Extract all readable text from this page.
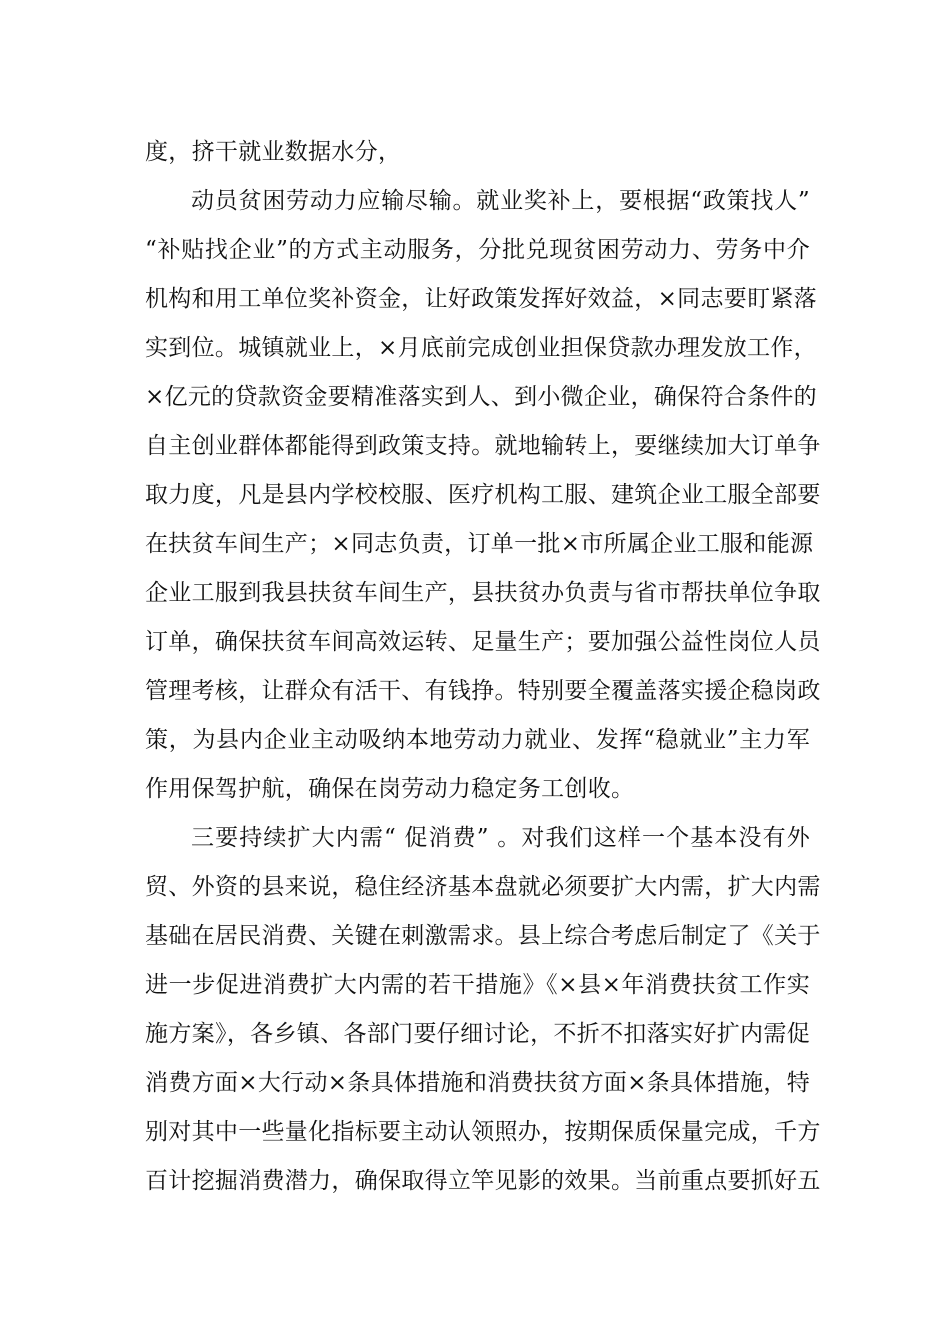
度，挤干就业数据水分，
动员贫困劳动力应输尽输。就业奖补上，要根据“政策找人”
“补贴找企业”的方式主动服务，分批兑现贫困劳动力、劳务中介
机构和用工单位奖补资金，让好政策发挥好效益，×同志要盯紧落
实到位。城镇就业上，×月底前完成创业担保贷款办理发放工作，
×亿元的贷款资金要精准落实到人、到小微企业，确保符合条件的
自主创业群体都能得到政策支持。就地输转上，要继续加大订单争
取力度，凡是县内学校校服、医疗机构工服、建筑企业工服全部要
在扶贫车间生产；×同志负责，订单一批×市所属企业工服和能源
企业工服到我县扶贫车间生产，县扶贫办负责与省市帮扶单位争取
订单，确保扶贫车间高效运转、足量生产；要加强公益性岗位人员
管理考核，让群众有活干、有钱挣。特别要全覆盖落实援企稳岗政
策，为县内企业主动吸纳本地劳动力就业、发挥“稳就业”主力军
作用保驾护航，确保在岗劳动力稳定务工创收。
三要持续扩大内需“ 促消费” 。对我们这样一个基本没有外
贸、外资的县来说，稳住经济基本盘就必须要扩大内需，扩大内需
基础在居民消费、关键在刺激需求。县上综合考虑后制定了《关于
进一步促进消费扩大内需的若干措施》《×县×年消费扶贫工作实
施方案》，各乡镇、各部门要仔细讨论，不折不扣落实好扩内需促
消费方面×大行动×条具体措施和消费扶贫方面×条具体措施，特
别对其中一些量化指标要主动认领照办，按期保质保量完成，千方
百计挖掘消费潜力，确保取得立竿见影的效果。当前重点要抓好五
